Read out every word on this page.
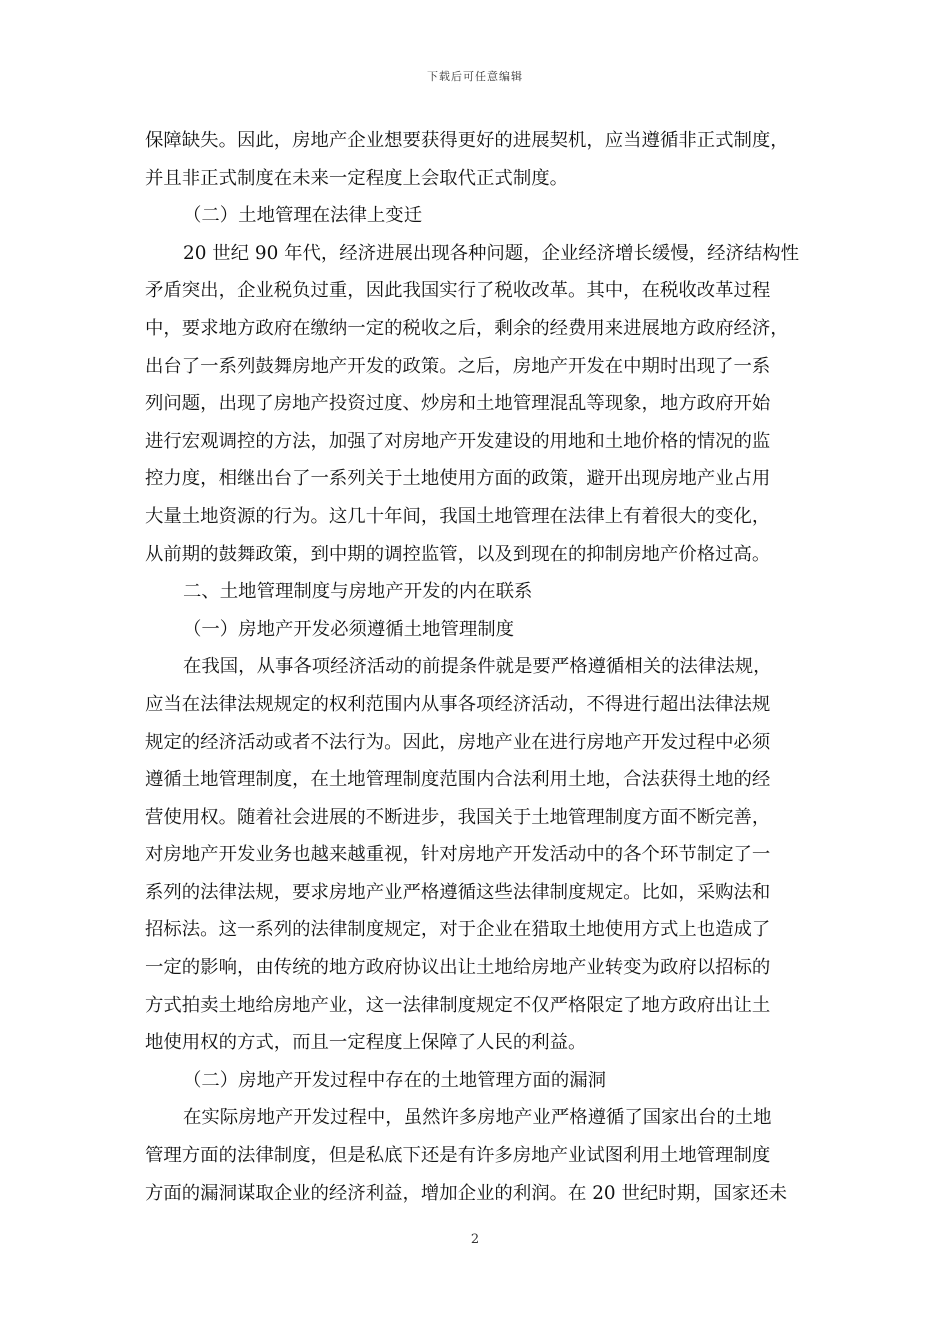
下载后可任意编辑
保障缺失。因此，房地产企业想要获得更好的进展契机，应当遵循非正式制度，
并且非正式制度在未来一定程度上会取代正式制度。
（二）土地管理在法律上变迁
20 世纪 90 年代，经济进展出现各种问题，企业经济增长缓慢，经济结构性
矛盾突出，企业税负过重，因此我国实行了税收改革。其中，在税收改革过程
中，要求地方政府在缴纳一定的税收之后，剩余的经费用来进展地方政府经济，
出台了一系列鼓舞房地产开发的政策。之后，房地产开发在中期时出现了一系
列问题，出现了房地产投资过度、炒房和土地管理混乱等现象，地方政府开始
进行宏观调控的方法，加强了对房地产开发建设的用地和土地价格的情况的监
控力度，相继出台了一系列关于土地使用方面的政策，避开出现房地产业占用
大量土地资源的行为。这几十年间，我国土地管理在法律上有着很大的变化，
从前期的鼓舞政策，到中期的调控监管，以及到现在的抑制房地产价格过高。
二、土地管理制度与房地产开发的内在联系
（一）房地产开发必须遵循土地管理制度
在我国，从事各项经济活动的前提条件就是要严格遵循相关的法律法规，
应当在法律法规规定的权利范围内从事各项经济活动，不得进行超出法律法规
规定的经济活动或者不法行为。因此，房地产业在进行房地产开发过程中必须
遵循土地管理制度，在土地管理制度范围内合法利用土地，合法获得土地的经
营使用权。随着社会进展的不断进步，我国关于土地管理制度方面不断完善，
对房地产开发业务也越来越重视，针对房地产开发活动中的各个环节制定了一
系列的法律法规，要求房地产业严格遵循这些法律制度规定。比如，采购法和
招标法。这一系列的法律制度规定，对于企业在猎取土地使用方式上也造成了
一定的影响，由传统的地方政府协议出让土地给房地产业转变为政府以招标的
方式拍卖土地给房地产业，这一法律制度规定不仅严格限定了地方政府出让土
地使用权的方式，而且一定程度上保障了人民的利益。
（二）房地产开发过程中存在的土地管理方面的漏洞
在实际房地产开发过程中，虽然许多房地产业严格遵循了国家出台的土地
管理方面的法律制度，但是私底下还是有许多房地产业试图利用土地管理制度
方面的漏洞谋取企业的经济利益，增加企业的利润。在 20 世纪时期，国家还未
2
